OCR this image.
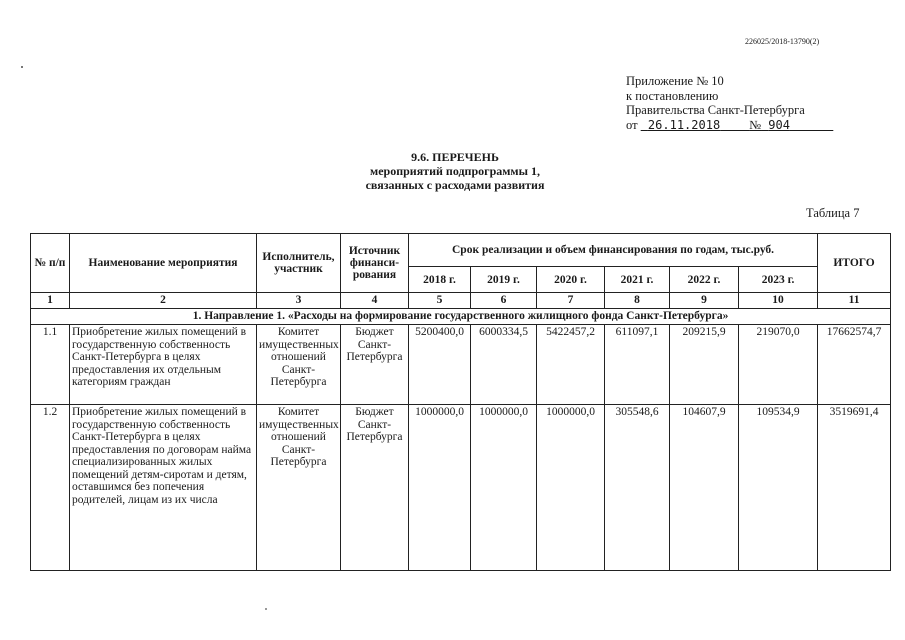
226025/2018-13790(2)
Приложение № 10
к постановлению
Правительства Санкт-Петербурга
от 26.11.2018 № 904
9.6. ПЕРЕЧЕНЬ
мероприятий подпрограммы 1,
связанных с расходами развития
Таблица 7
№ п/п	Наименование мероприятия	Исполнитель, участник	Источник финанси-рования	Срок реализации и объем финансирования по годам, тыс.руб.						ИТОГО
				2018 г.	2019 г.	2020 г.	2021 г.	2022 г.	2023 г.	
1	2	3	4	5	6	7	8	9	10	11
1. Направление 1. «Расходы на формирование государственного жилищного фонда Санкт-Петербурга»										
1.1	Приобретение жилых помещений в государственную собственность Санкт-Петербурга в целях предоставления их отдельным категориям граждан	Комитет имущественных отношений Санкт-Петербурга	Бюджет Санкт-Петербурга	5200400,0	6000334,5	5422457,2	611097,1	209215,9	219070,0	17662574,7
1.2	Приобретение жилых помещений в государственную собственность Санкт-Петербурга в целях предоставления по договорам найма специализированных жилых помещений детям-сиротам и детям, оставшимся без попечения родителей, лицам из их числа	Комитет имущественных отношений Санкт-Петербурга	Бюджет Санкт-Петербурга	1000000,0	1000000,0	1000000,0	305548,6	104607,9	109534,9	3519691,4
